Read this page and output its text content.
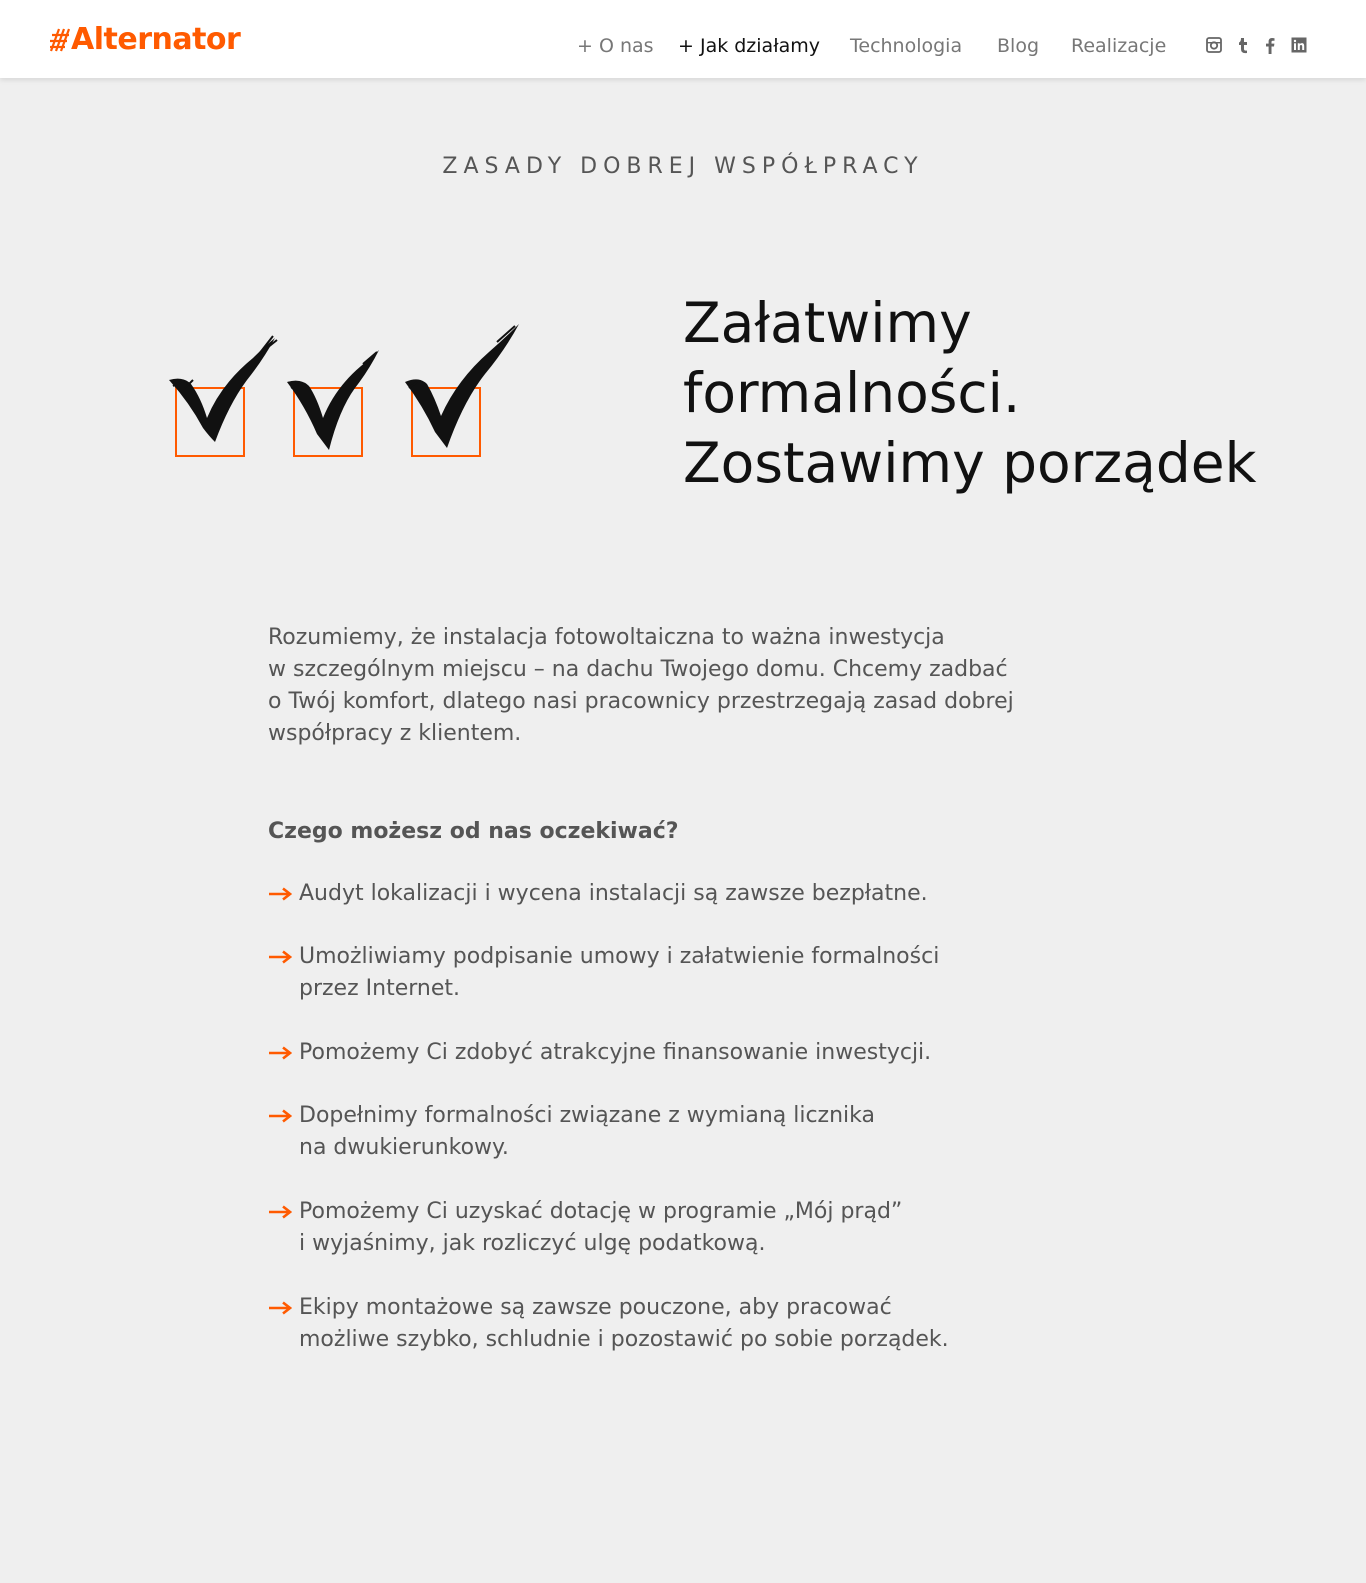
Alternator	+ O nas + Jak działamy Technologia Blog Realizacje
ZASADY DOBREJ WSPÓŁPRACY
Załatwimy
formalności.
Zostawimy porządek

Rozumiemy, że instalacja fotowoltaiczna to ważna inwestycja
w szczególnym miejscu – na dachu Twojego domu. Chcemy zadbać
o Twój komfort, dlatego nasi pracownicy przestrzegają zasad dobrej
współpracy z klientem.

Czego możesz od nas oczekiwać?

Audyt lokalizacji i wycena instalacji są zawsze bezpłatne.
Umożliwiamy podpisanie umowy i załatwienie formalności
przez Internet.
Pomożemy Ci zdobyć atrakcyjne finansowanie inwestycji.
Dopełnimy formalności związane z wymianą licznika
na dwukierunkowy.
Pomożemy Ci uzyskać dotację w programie „Mój prąd”
i wyjaśnimy, jak rozliczyć ulgę podatkową.
Ekipy montażowe są zawsze pouczone, aby pracować
możliwe szybko, schludnie i pozostawić po sobie porządek.
